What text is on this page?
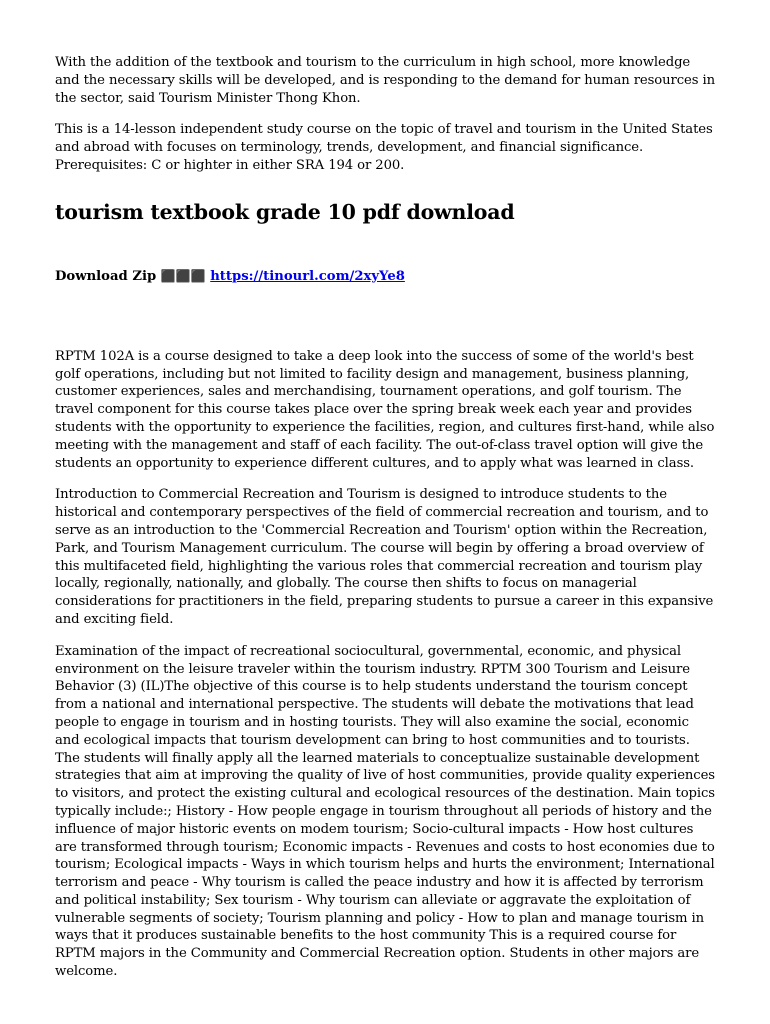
With the addition of the textbook and tourism to the curriculum in high school, more knowledge and the necessary skills will be developed, and is responding to the demand for human resources in the sector, said Tourism Minister Thong Khon.

This is a 14-lesson independent study course on the topic of travel and tourism in the United States and abroad with focuses on terminology, trends, development, and financial significance. Prerequisites: C or highter in either SRA 194 or 200.

tourism textbook grade 10 pdf download
Download Zip ⬛⬛⬛ https://tinourl.com/2xyYe8

RPTM 102A is a course designed to take a deep look into the success of some of the world's best golf operations, including but not limited to facility design and management, business planning, customer experiences, sales and merchandising, tournament operations, and golf tourism. The travel component for this course takes place over the spring break week each year and provides students with the opportunity to experience the facilities, region, and cultures first-hand, while also meeting with the management and staff of each facility. The out-of-class travel option will give the students an opportunity to experience different cultures, and to apply what was learned in class.

Introduction to Commercial Recreation and Tourism is designed to introduce students to the historical and contemporary perspectives of the field of commercial recreation and tourism, and to serve as an introduction to the 'Commercial Recreation and Tourism' option within the Recreation, Park, and Tourism Management curriculum. The course will begin by offering a broad overview of this multifaceted field, highlighting the various roles that commercial recreation and tourism play locally, regionally, nationally, and globally. The course then shifts to focus on managerial considerations for practitioners in the field, preparing students to pursue a career in this expansive and exciting field.

Examination of the impact of recreational sociocultural, governmental, economic, and physical environment on the leisure traveler within the tourism industry. RPTM 300 Tourism and Leisure Behavior (3) (IL)The objective of this course is to help students understand the tourism concept from a national and international perspective. The students will debate the motivations that lead people to engage in tourism and in hosting tourists. They will also examine the social, economic and ecological impacts that tourism development can bring to host communities and to tourists. The students will finally apply all the learned materials to conceptualize sustainable development strategies that aim at improving the quality of live of host communities, provide quality experiences to visitors, and protect the existing cultural and ecological resources of the destination. Main topics typically include:; History - How people engage in tourism throughout all periods of history and the influence of major historic events on modem tourism; Socio-cultural impacts - How host cultures are transformed through tourism; Economic impacts - Revenues and costs to host economies due to tourism; Ecological impacts - Ways in which tourism helps and hurts the environment; International terrorism and peace - Why tourism is called the peace industry and how it is affected by terrorism and political instability; Sex tourism - Why tourism can alleviate or aggravate the exploitation of vulnerable segments of society; Tourism planning and policy - How to plan and manage tourism in ways that it produces sustainable benefits to the host community This is a required course for RPTM majors in the Community and Commercial Recreation option. Students in other majors are welcome.
